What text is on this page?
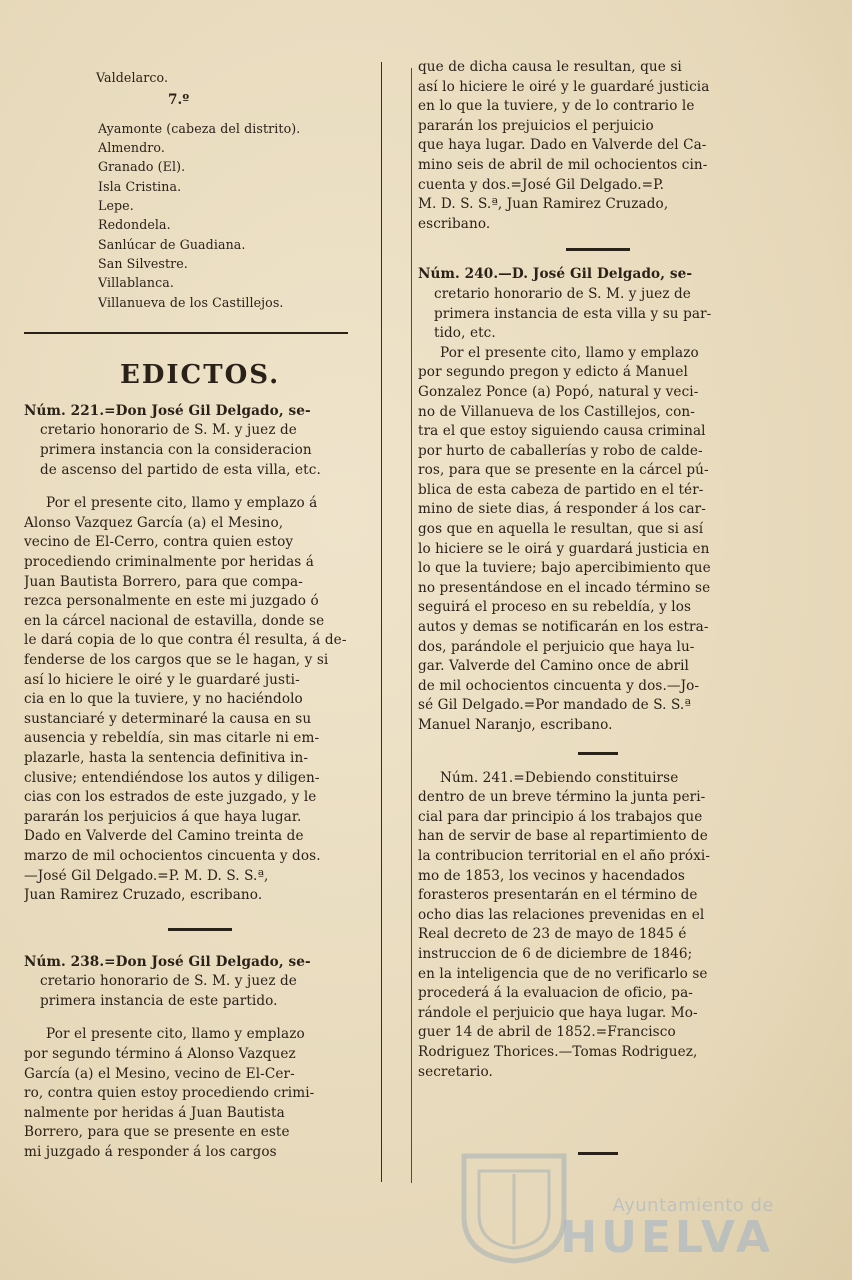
Valdelarco.
7.º
Ayamonte (cabeza del distrito).
Almendro.
Granado (El).
Isla Cristina.
Lepe.
Redondela.
Sanlúcar de Guadiana.
San Silvestre.
Villablanca.
Villanueva de los Castillejos.
EDICTOS.
Núm. 221.=Don José Gil Delgado, se-
cretario honorario de S. M. y juez de
primera instancia con la consideracion
de ascenso del partido de esta villa, etc.
Por el presente cito, llamo y emplazo á
Alonso Vazquez García (a) el Mesino,
vecino de El-Cerro, contra quien estoy
procediendo criminalmente por heridas á
Juan Bautista Borrero, para que compa-
rezca personalmente en este mi juzgado ó
en la cárcel nacional de estavilla, donde se
le dará copia de lo que contra él resulta, á de-
fenderse de los cargos que se le hagan, y si
así lo hiciere le oiré y le guardaré justi-
cia en lo que la tuviere, y no haciéndolo
sustanciaré y determinaré la causa en su
ausencia y rebeldía, sin mas citarle ni em-
plazarle, hasta la sentencia definitiva in-
clusive; entendiéndose los autos y diligen-
cias con los estrados de este juzgado, y le
pararán los perjuicios á que haya lugar.
Dado en Valverde del Camino treinta de
marzo de mil ochocientos cincuenta y dos.
—José Gil Delgado.=P. M. D. S. S.ª,
Juan Ramirez Cruzado, escribano.
Núm. 238.=Don José Gil Delgado, se-
cretario honorario de S. M. y juez de
primera instancia de este partido.
Por el presente cito, llamo y emplazo
por segundo término á Alonso Vazquez
García (a) el Mesino, vecino de El-Cer-
ro, contra quien estoy procediendo crimi-
nalmente por heridas á Juan Bautista
Borrero, para que se presente en este
mi juzgado á responder á los cargos
que de dicha causa le resultan, que si
así lo hiciere le oiré y le guardaré justicia
en lo que la tuviere, y de lo contrario le
pararán los prejuicios el perjuicio
que haya lugar. Dado en Valverde del Ca-
mino seis de abril de mil ochocientos cin-
cuenta y dos.=José Gil Delgado.=P.
M. D. S. S.ª, Juan Ramirez Cruzado,
escribano.
Núm. 240.—D. José Gil Delgado, se-
cretario honorario de S. M. y juez de
primera instancia de esta villa y su par-
tido, etc.
Por el presente cito, llamo y emplazo
por segundo pregon y edicto á Manuel
Gonzalez Ponce (a) Popó, natural y veci-
no de Villanueva de los Castillejos, con-
tra el que estoy siguiendo causa criminal
por hurto de caballerías y robo de calde-
ros, para que se presente en la cárcel pú-
blica de esta cabeza de partido en el tér-
mino de siete dias, á responder á los car-
gos que en aquella le resultan, que si así
lo hiciere se le oirá y guardará justicia en
lo que la tuviere; bajo apercibimiento que
no presentándose en el incado término se
seguirá el proceso en su rebeldía, y los
autos y demas se notificarán en los estra-
dos, parándole el perjuicio que haya lu-
gar. Valverde del Camino once de abril
de mil ochocientos cincuenta y dos.—Jo-
sé Gil Delgado.=Por mandado de S. S.ª
Manuel Naranjo, escribano.
Núm. 241.=Debiendo constituirse
dentro de un breve término la junta peri-
cial para dar principio á los trabajos que
han de servir de base al repartimiento de
la contribucion territorial en el año próxi-
mo de 1853, los vecinos y hacendados
forasteros presentarán en el término de
ocho dias las relaciones prevenidas en el
Real decreto de 23 de mayo de 1845 é
instruccion de 6 de diciembre de 1846;
en la inteligencia que de no verificarlo se
procederá á la evaluacion de oficio, pa-
rándole el perjuicio que haya lugar. Mo-
guer 14 de abril de 1852.=Francisco
Rodriguez Thorices.—Tomas Rodriguez,
secretario.
Ayuntamiento de
HUELVA
